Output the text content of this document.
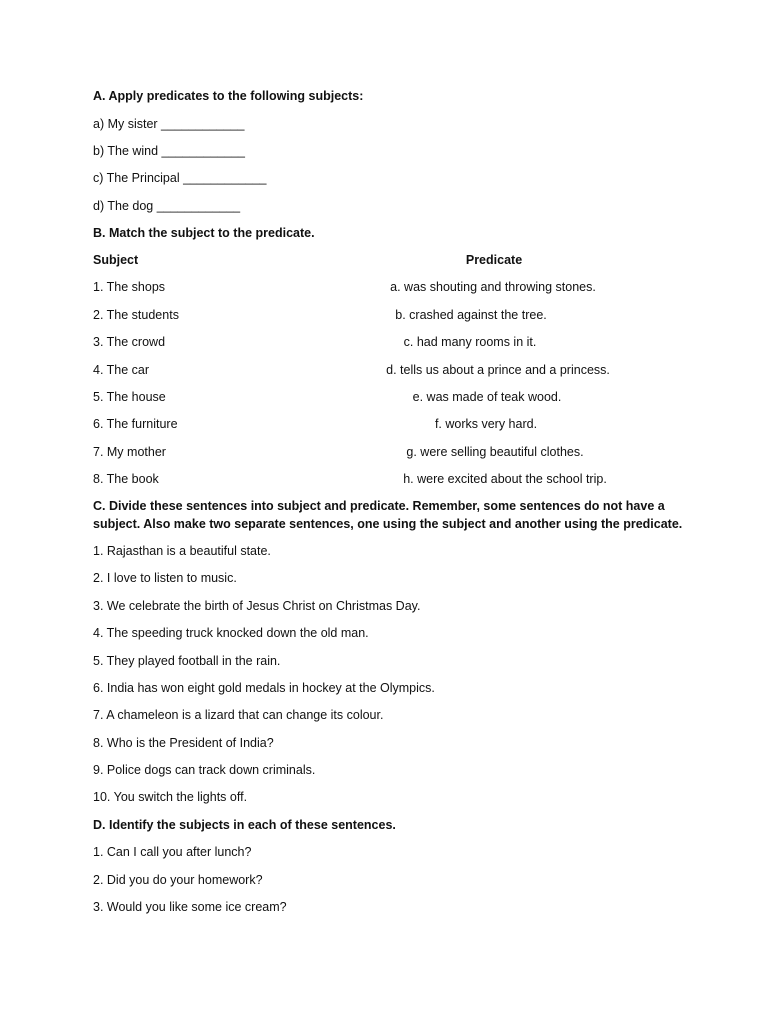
A. Apply predicates to the following subjects:
a) My sister ____________
b) The wind ____________
c) The Principal ____________
d) The dog ____________
B. Match the subject to the predicate.
Subject	Predicate
1. The shops
2. The students
3. The crowd
4. The car
5. The house
6. The furniture
7. My mother
8. The book
a. was shouting and throwing stones.
b. crashed against the tree.
c. had many rooms in it.
d. tells us about a prince and a princess.
e. was made of teak wood.
f. works very hard.
g. were selling beautiful clothes.
h. were excited about the school trip.
C. Divide these sentences into subject and predicate. Remember, some sentences do not have a subject. Also make two separate sentences, one using the subject and another using the predicate.
1. Rajasthan is a beautiful state.
2. I love to listen to music.
3. We celebrate the birth of Jesus Christ on Christmas Day.
4. The speeding truck knocked down the old man.
5. They played football in the rain.
6. India has won eight gold medals in hockey at the Olympics.
7. A chameleon is a lizard that can change its colour.
8. Who is the President of India?
9. Police dogs can track down criminals.
10. You switch the lights off.
D. Identify the subjects in each of these sentences.
1. Can I call you after lunch?
2. Did you do your homework?
3. Would you like some ice cream?
